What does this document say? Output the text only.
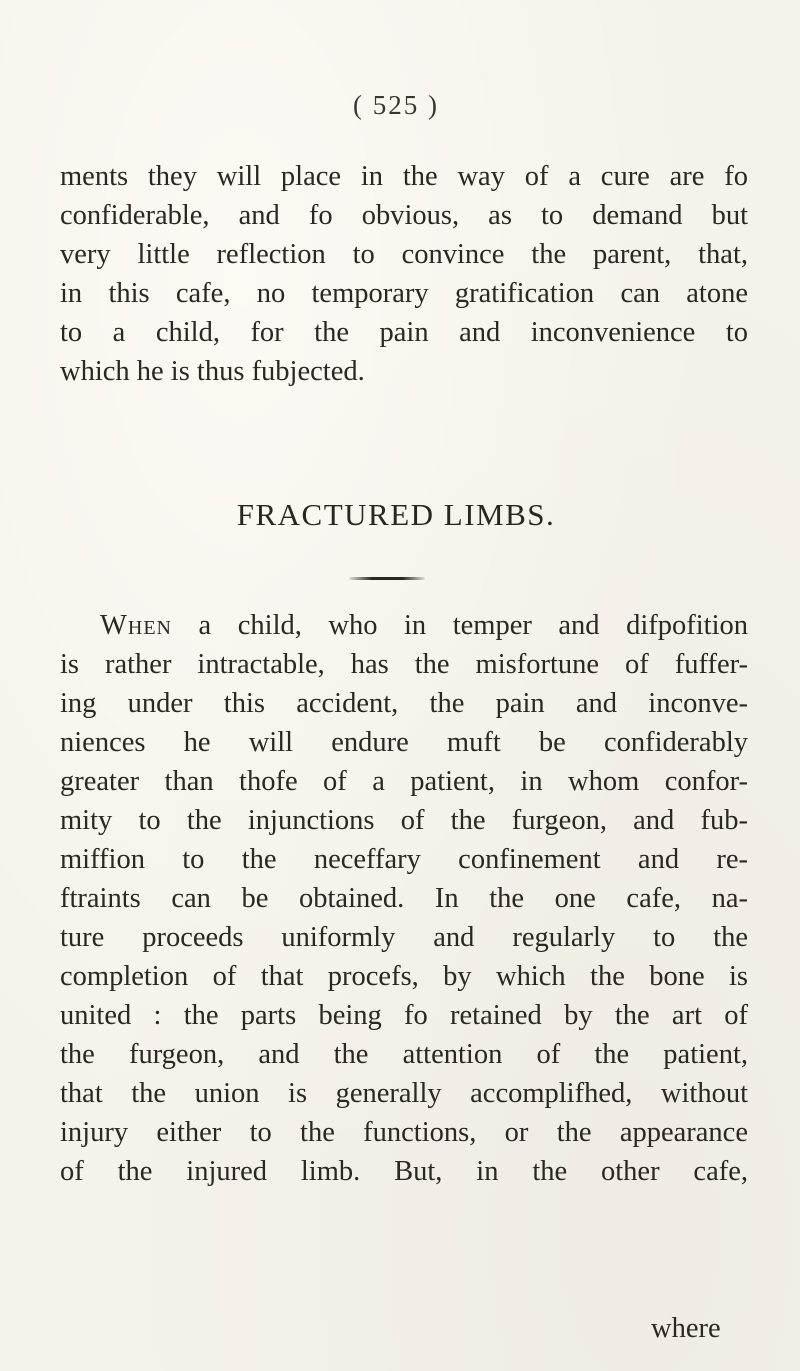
( 525 )
ments they will place in the way of a cure are fo
confiderable, and fo obvious, as to demand but
very little reflection to convince the parent, that,
in this cafe, no temporary gratification can atone
to a child, for the pain and inconvenience to
which he is thus fubjected.
FRACTURED LIMBS.
When a child, who in temper and difpofition
is rather intractable, has the misfortune of fuffer-
ing under this accident, the pain and inconve-
niences he will endure muft be confiderably
greater than thofe of a patient, in whom confor-
mity to the injunctions of the furgeon, and fub-
miffion to the neceffary confinement and re-
ftraints can be obtained. In the one cafe, na-
ture proceeds uniformly and regularly to the
completion of that procefs, by which the bone is
united : the parts being fo retained by the art of
the furgeon, and the attention of the patient,
that the union is generally accomplifhed, without
injury either to the functions, or the appearance
of the injured limb. But, in the other cafe,
where
